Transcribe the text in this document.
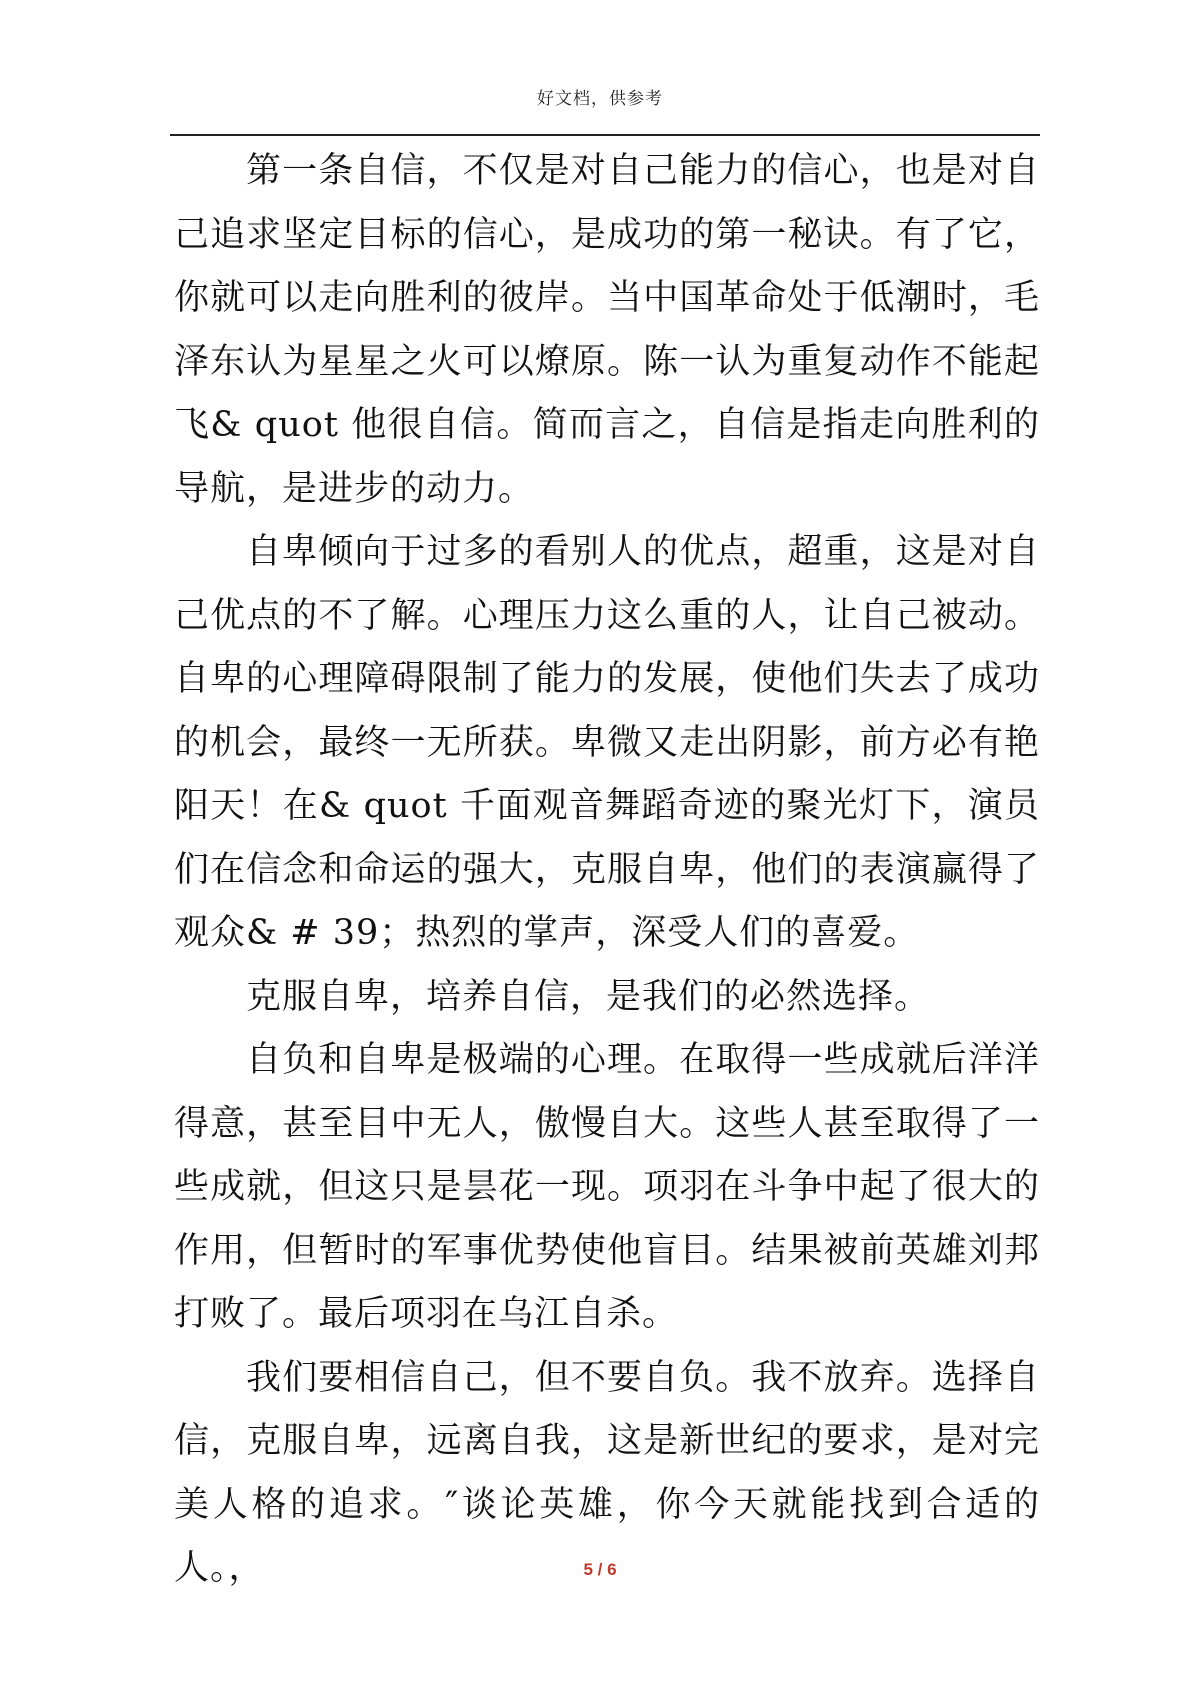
好文档，供参考

第一条自信，不仅是对自己能力的信心，也是对自己追求坚定目标的信心，是成功的第一秘诀。有了它，你就可以走向胜利的彼岸。当中国革命处于低潮时，毛泽东认为星星之火可以燎原。陈一认为重复动作不能起飞& quot 他很自信。简而言之，自信是指走向胜利的导航，是进步的动力。

自卑倾向于过多的看别人的优点，超重，这是对自己优点的不了解。心理压力这么重的人，让自己被动。自卑的心理障碍限制了能力的发展，使他们失去了成功的机会，最终一无所获。卑微又走出阴影，前方必有艳阳天！在& quot 千面观音舞蹈奇迹的聚光灯下，演员们在信念和命运的强大，克服自卑，他们的表演赢得了观众& # 39；热烈的掌声，深受人们的喜爱。

克服自卑，培养自信，是我们的必然选择。

自负和自卑是极端的心理。在取得一些成就后洋洋得意，甚至目中无人，傲慢自大。这些人甚至取得了一些成就，但这只是昙花一现。项羽在斗争中起了很大的作用，但暂时的军事优势使他盲目。结果被前英雄刘邦打败了。最后项羽在乌江自杀。

我们要相信自己，但不要自负。我不放弃。选择自信，克服自卑，远离自我，这是新世纪的要求，是对完美人格的追求。″谈论英雄，你今天就能找到合适的人。，	5 / 6
